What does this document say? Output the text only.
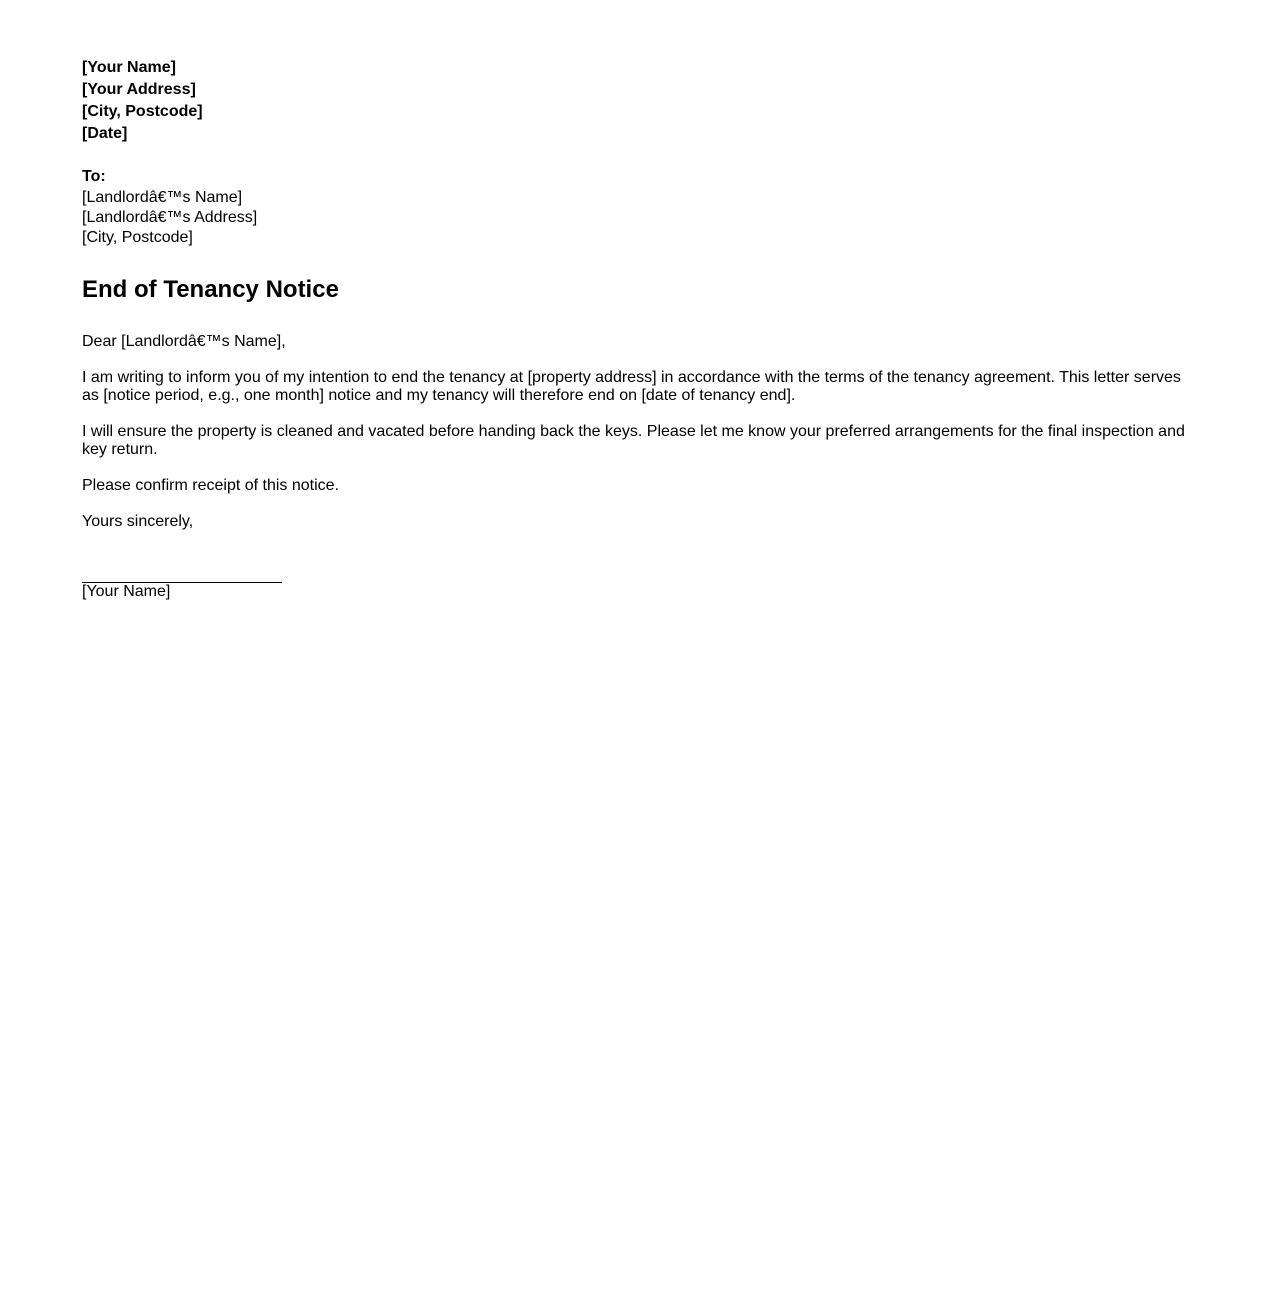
[Your Name]
[Your Address]
[City, Postcode]
[Date]
To:
[Landlordâ€™s Name]
[Landlordâ€™s Address]
[City, Postcode]
End of Tenancy Notice

Dear [Landlordâ€™s Name],

I am writing to inform you of my intention to end the tenancy at [property address] in accordance with the terms of the tenancy agreement. This letter serves as [notice period, e.g., one month] notice and my tenancy will therefore end on [date of tenancy end].

I will ensure the property is cleaned and vacated before handing back the keys. Please let me know your preferred arrangements for the final inspection and key return.

Please confirm receipt of this notice.

Yours sincerely,

[Your Name]
